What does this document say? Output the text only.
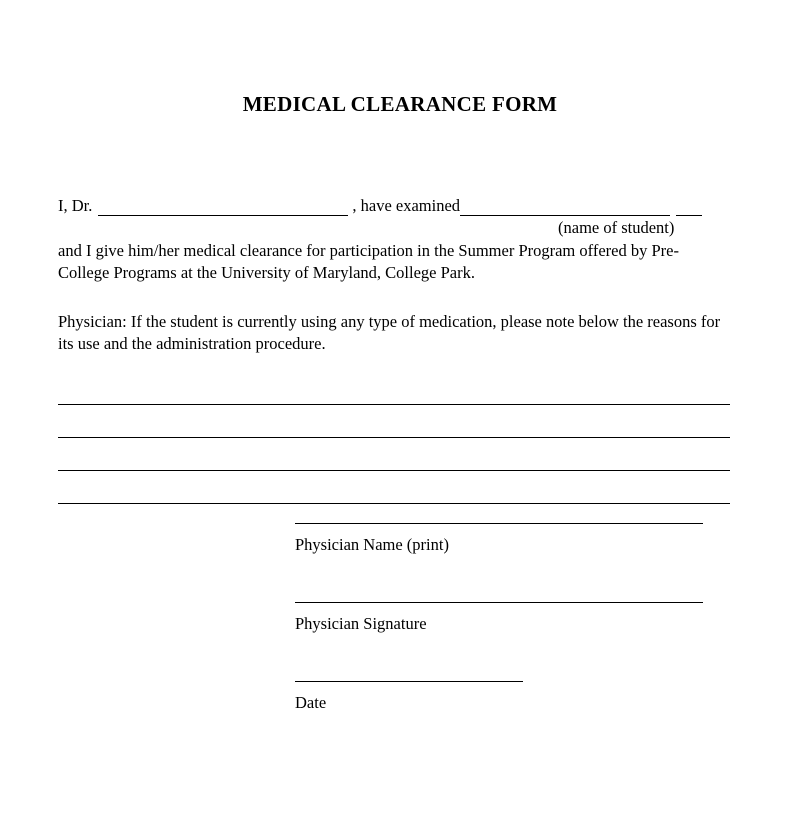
MEDICAL CLEARANCE FORM
I, Dr.	, have examined
(name of student)
and I give him/her medical clearance for participation in the Summer Program offered by Pre-College Programs at the University of Maryland, College Park.
Physician: If the student is currently using any type of medication, please note below the reasons for its use and the administration procedure.
Physician Name (print)
Physician Signature
Date
